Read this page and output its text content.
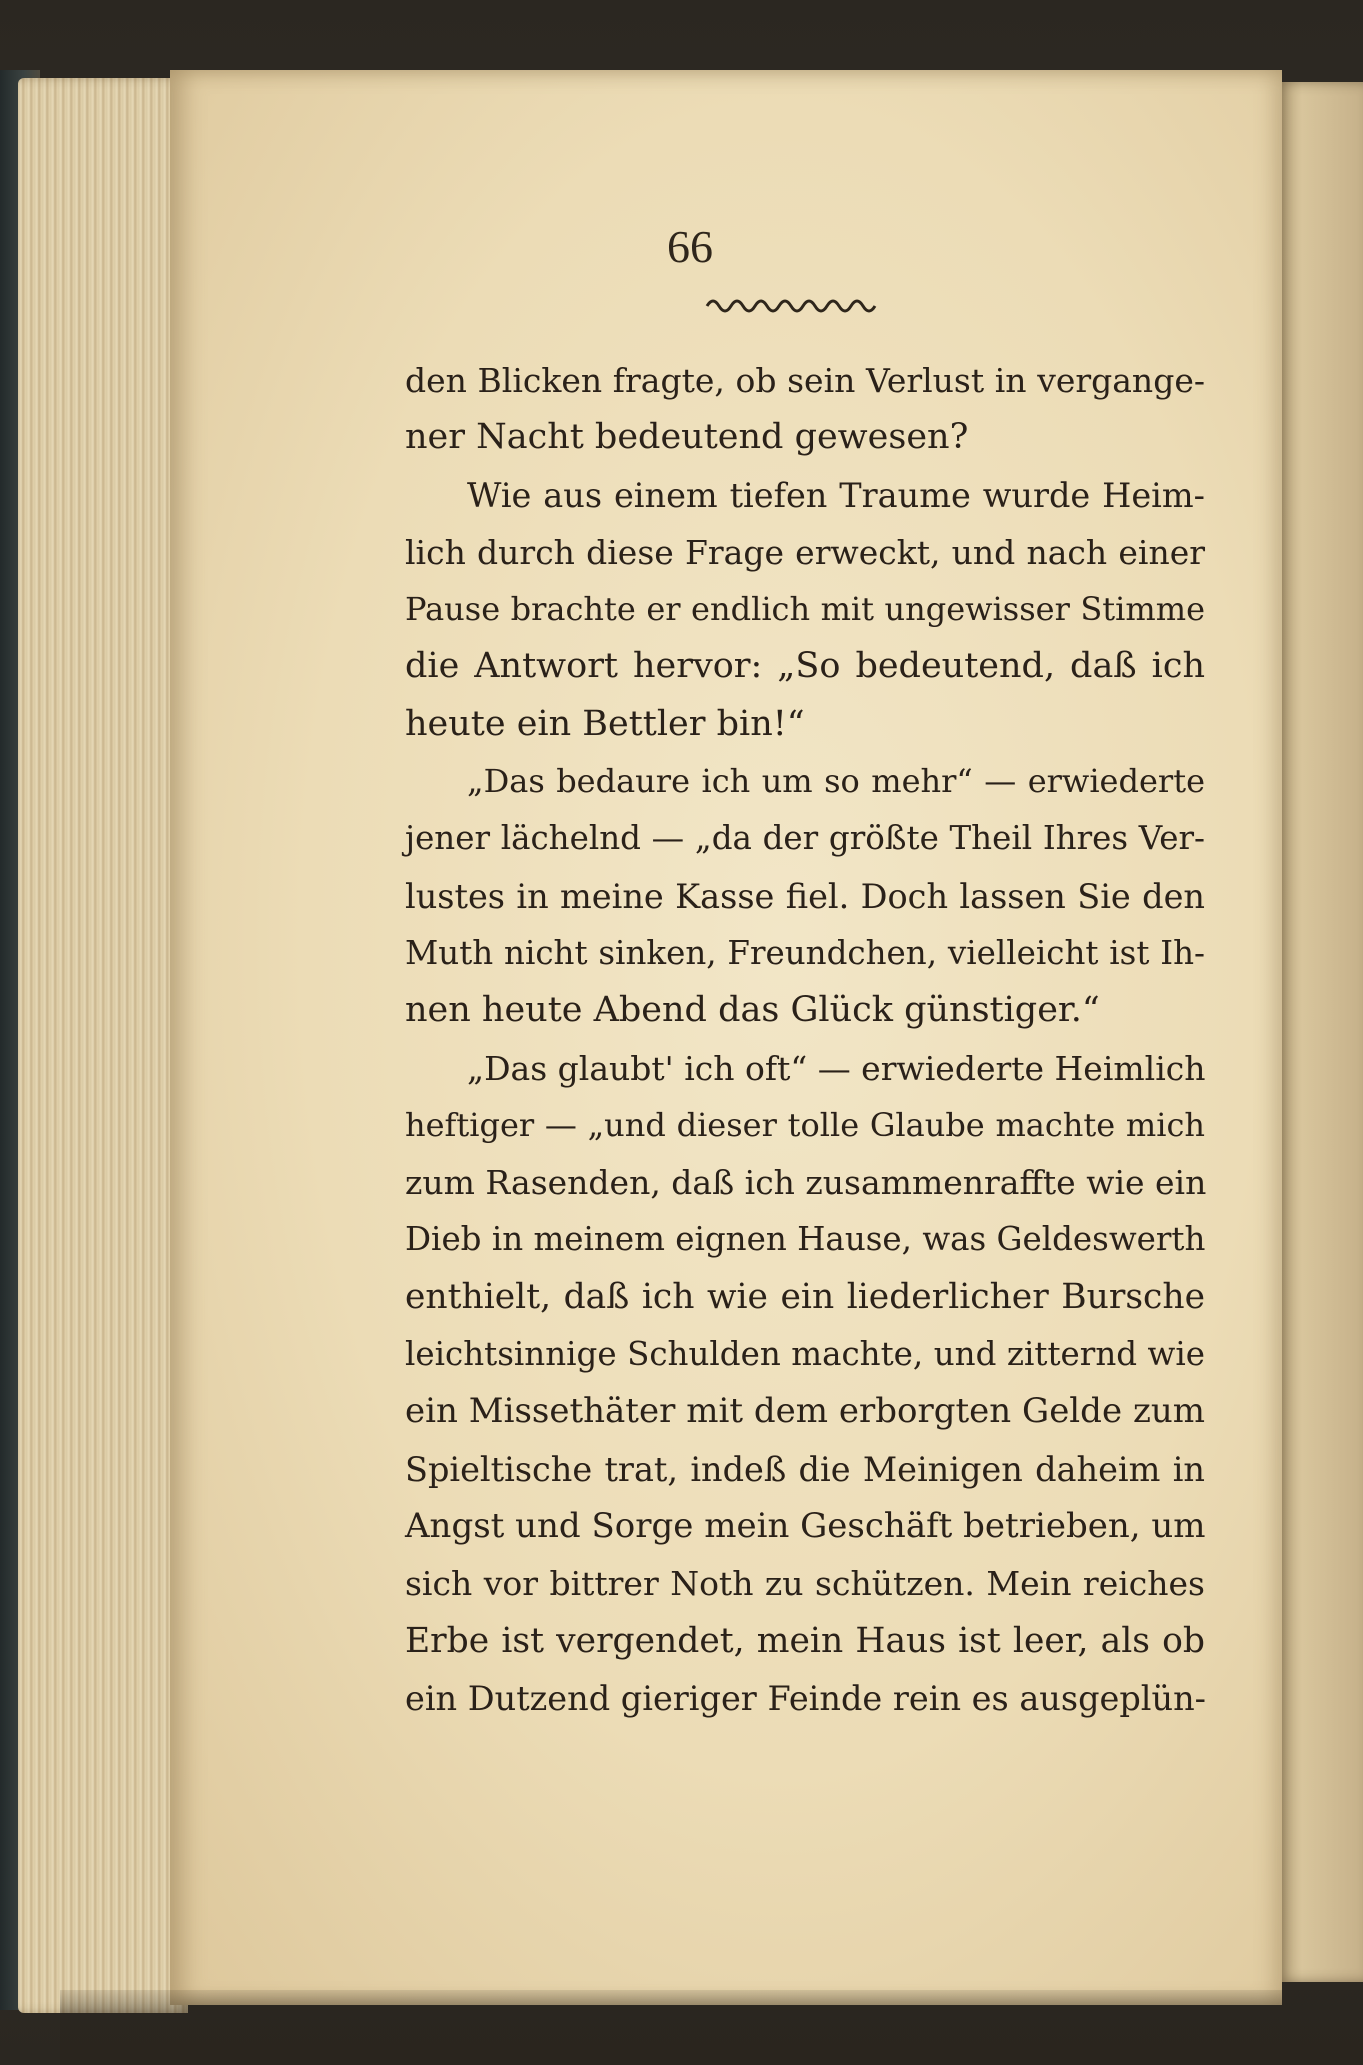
66
den Blicken fragte, ob sein Verlust in vergange-
ner Nacht bedeutend gewesen?
Wie aus einem tiefen Traume wurde Heim-
lich durch diese Frage erweckt, und nach einer
Pause brachte er endlich mit ungewisser Stimme
die Antwort hervor: „So bedeutend, daß ich
heute ein Bettler bin!“
„Das bedaure ich um so mehr“ — erwiederte
jener lächelnd — „da der größte Theil Ihres Ver-
lustes in meine Kasse fiel. Doch lassen Sie den
Muth nicht sinken, Freundchen, vielleicht ist Ih-
nen heute Abend das Glück günstiger.“
„Das glaubt' ich oft“ — erwiederte Heimlich
heftiger — „und dieser tolle Glaube machte mich
zum Rasenden, daß ich zusammenraffte wie ein
Dieb in meinem eignen Hause, was Geldeswerth
enthielt, daß ich wie ein liederlicher Bursche
leichtsinnige Schulden machte, und zitternd wie
ein Missethäter mit dem erborgten Gelde zum
Spieltische trat, indeß die Meinigen daheim in
Angst und Sorge mein Geschäft betrieben, um
sich vor bittrer Noth zu schützen. Mein reiches
Erbe ist vergendet, mein Haus ist leer, als ob
ein Dutzend gieriger Feinde rein es ausgeplün-
